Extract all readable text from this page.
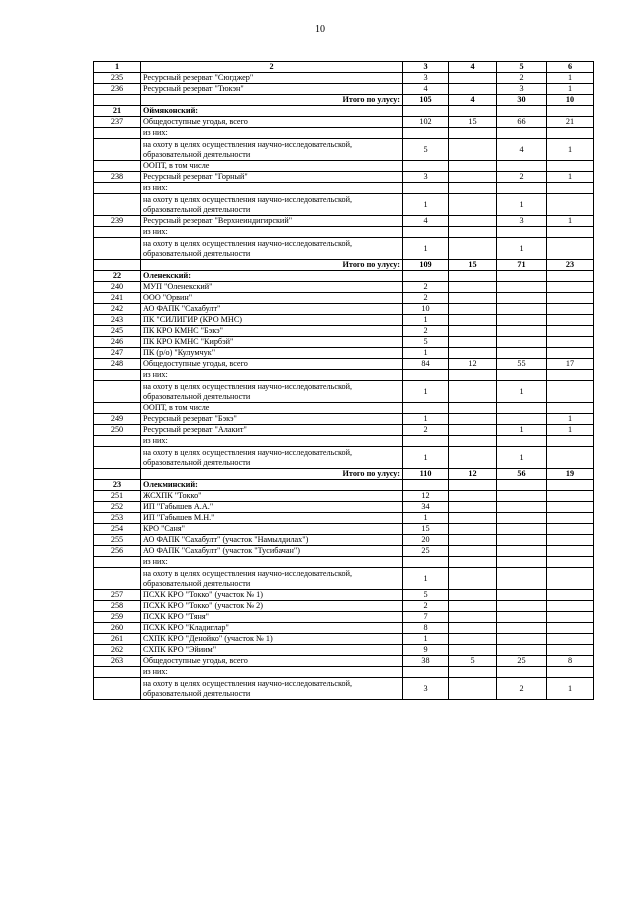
10
1	2	3	4	5	6
235	Ресурсный резерват "Сюгджер"	3		2	1
236	Ресурсный резерват "Тюкэн"	4		3	1
	Итого по улусу:	105	4	30	10
21	Оймяконский:				
237	Общедоступные угодья, всего	102	15	66	21
	из них:				
	на охоту в целях осуществления научно-исследовательской, образовательной деятельности	5		4	1
	ООПТ, в том числе				
238	Ресурсный резерват "Горный"	3		2	1
	из них:				
	на охоту в целях осуществления научно-исследовательской, образовательной деятельности	1		1	
239	Ресурсный резерват "Верхнеиндигирский"	4		3	1
	из них:				
	на охоту в целях осуществления научно-исследовательской, образовательной деятельности	1		1	
	Итого по улусу:	109	15	71	23
22	Оленекский:				
240	МУП "Оленекский"	2			
241	ООО "Орвин"	2			
242	АО ФАПК "Сахабулт"	10			
243	ПК "СИЛИГИР (КРО МНС)	1			
245	ПК КРО КМНС "Бэкэ"	2			
246	ПК КРО КМНС "Кирбэй"	5			
247	ПК (р/о) "Кулумчук"	1			
248	Общедоступные угодья, всего	84	12	55	17
	из них:				
	на охоту в целях осуществления научно-исследовательской, образовательной деятельности	1		1	
	ООПТ, в том числе				
249	Ресурсный резерват "Бэкэ"	1			1
250	Ресурсный резерват "Алакит"	2		1	1
	из них:				
	на охоту в целях осуществления научно-исследовательской, образовательной деятельности	1		1	
	Итого по улусу:	110	12	56	19
23	Олекминский:				
251	ЖСХПК "Токко"	12			
252	ИП "Габышев А.А."	34			
253	ИП "Габышев М.Н."	1			
254	КРО "Саня"	15			
255	АО ФАПК "Сахабулт" (участок "Намылдилах")	20			
256	АО ФАПК "Сахабулт" (участок "Тусибачан")	25			
	из них:				
	на охоту в целях осуществления научно-исследовательской, образовательной деятельности	1			
257	ПСХК КРО "Токко" (участок № 1)	5			
258	ПСХК КРО "Токко" (участок № 2)	2			
259	ПСХК КРО "Тяня"	7			
260	ПСХК КРО "Кладиглар"	8			
261	СХПК КРО "Денойко" (участок № 1)	1			
262	СХПК КРО "Эйиим"	9			
263	Общедоступные угодья, всего	38	5	25	8
	из них:				
	на охоту в целях осуществления научно-исследовательской, образовательной деятельности	3		2	1
